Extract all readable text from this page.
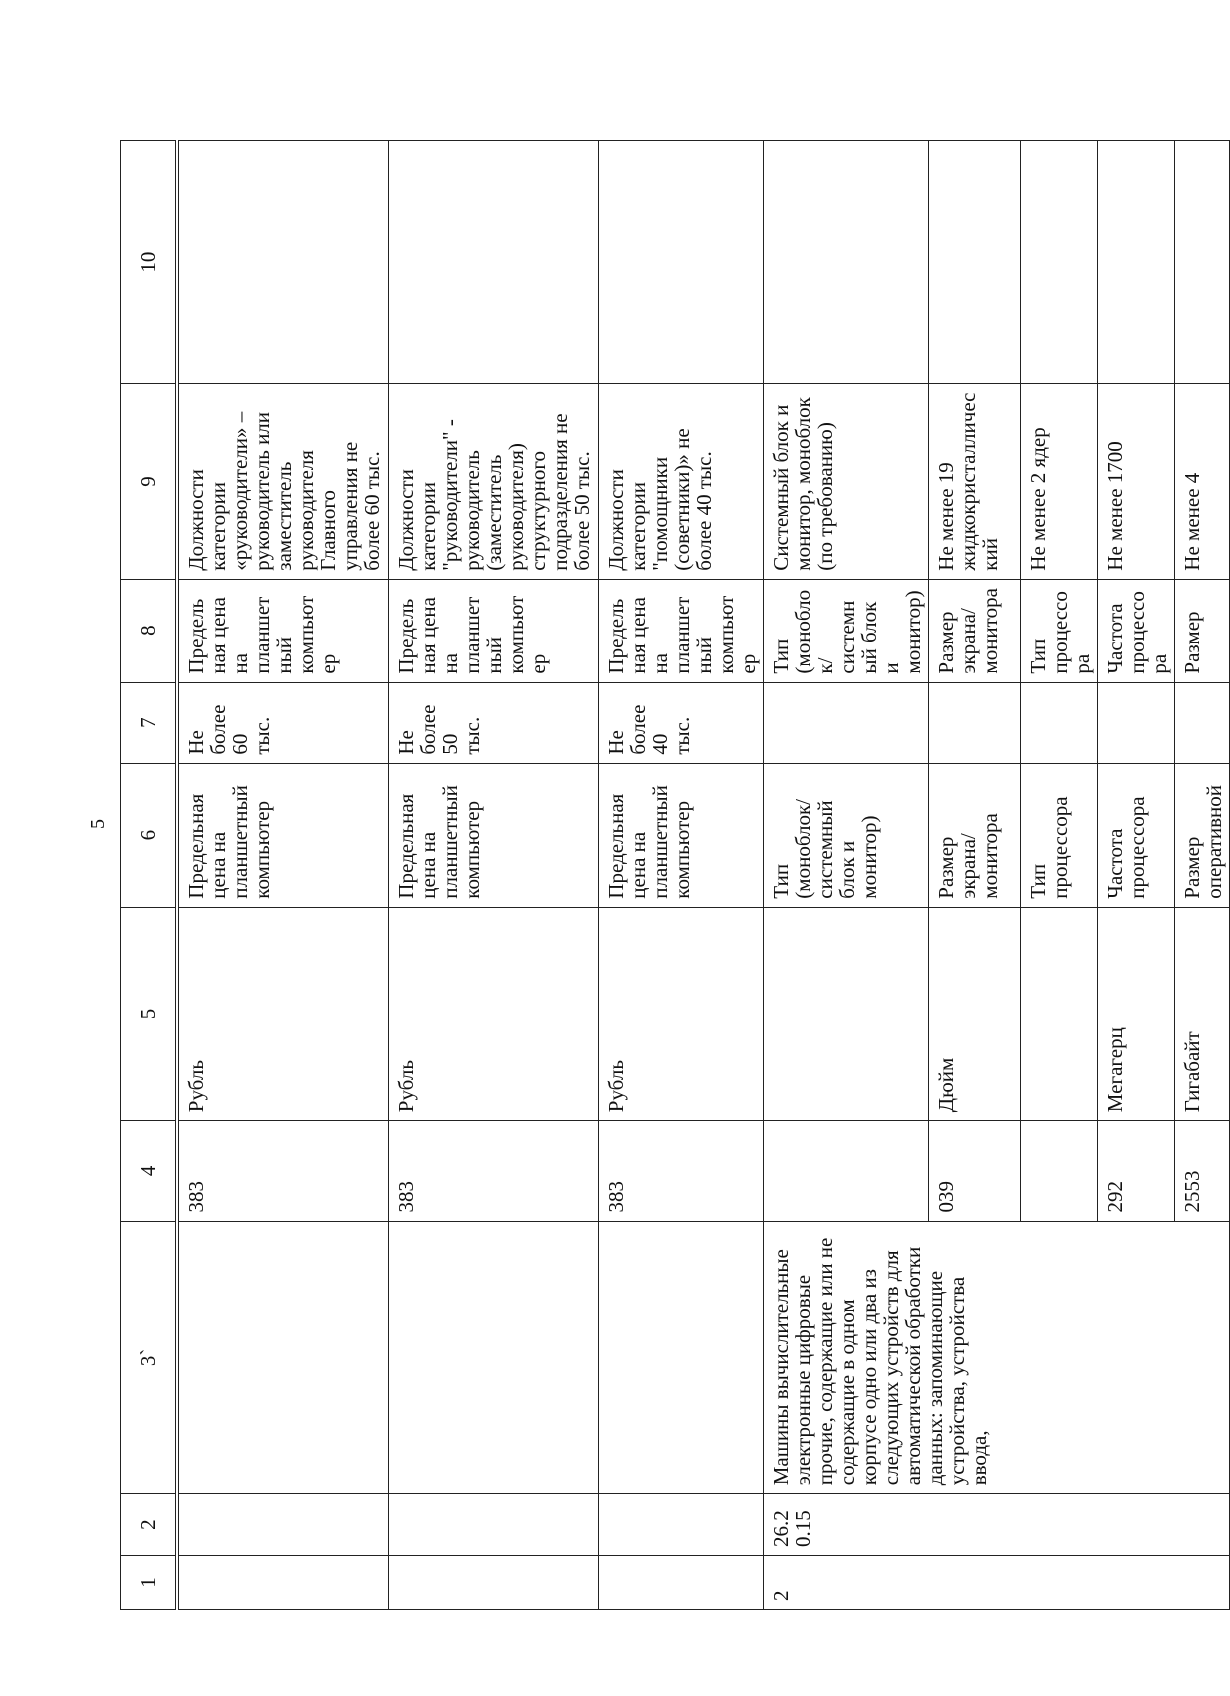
5
1	2	3`	4	5	6	7	8	9	10
			383	Рубль	Предельная цена на планшетный компьютер	Не более 60 тыс.	Предельная цена на планшетный компьютер	Должности категории «руководители» – руководитель или заместитель руководителя Главного управления не более 60 тыс.	
			383	Рубль	Предельная цена на планшетный компьютер	Не более 50 тыс.	Предельная цена на планшетный компьютер	Должности категории "руководители" - руководитель (заместитель руководителя) структурного подразделения не более 50 тыс.	
			383	Рубль	Предельная цена на планшетный компьютер	Не более 40 тыс.	Предельная цена на планшетный компьютер	Должности категории "помощники (советники)» не более 40 тыс.	
2	26.20.15	Машины вычислительные электронные цифровые прочие, содержащие или не содержащие в одном корпусе одно или два из следующих устройств для автоматической обработки данных: запоминающие устройства, устройства ввода,			Тип (моноблок/системный блок и монитор)		Тип (моноблок/системный блок и монитор)	Системный блок и монитор, моноблок (по требованию)	
			039	Дюйм	Размер экрана/монитора		Размер экрана/монитора	Не менее 19 жидкокристаллический	
					Тип процессора		Тип процессора	Не менее 2 ядер	
			292	Мегагерц	Частота процессора		Частота процессора	Не менее 1700	
			2553	Гигабайт	Размер оперативной		Размер	Не менее 4	
